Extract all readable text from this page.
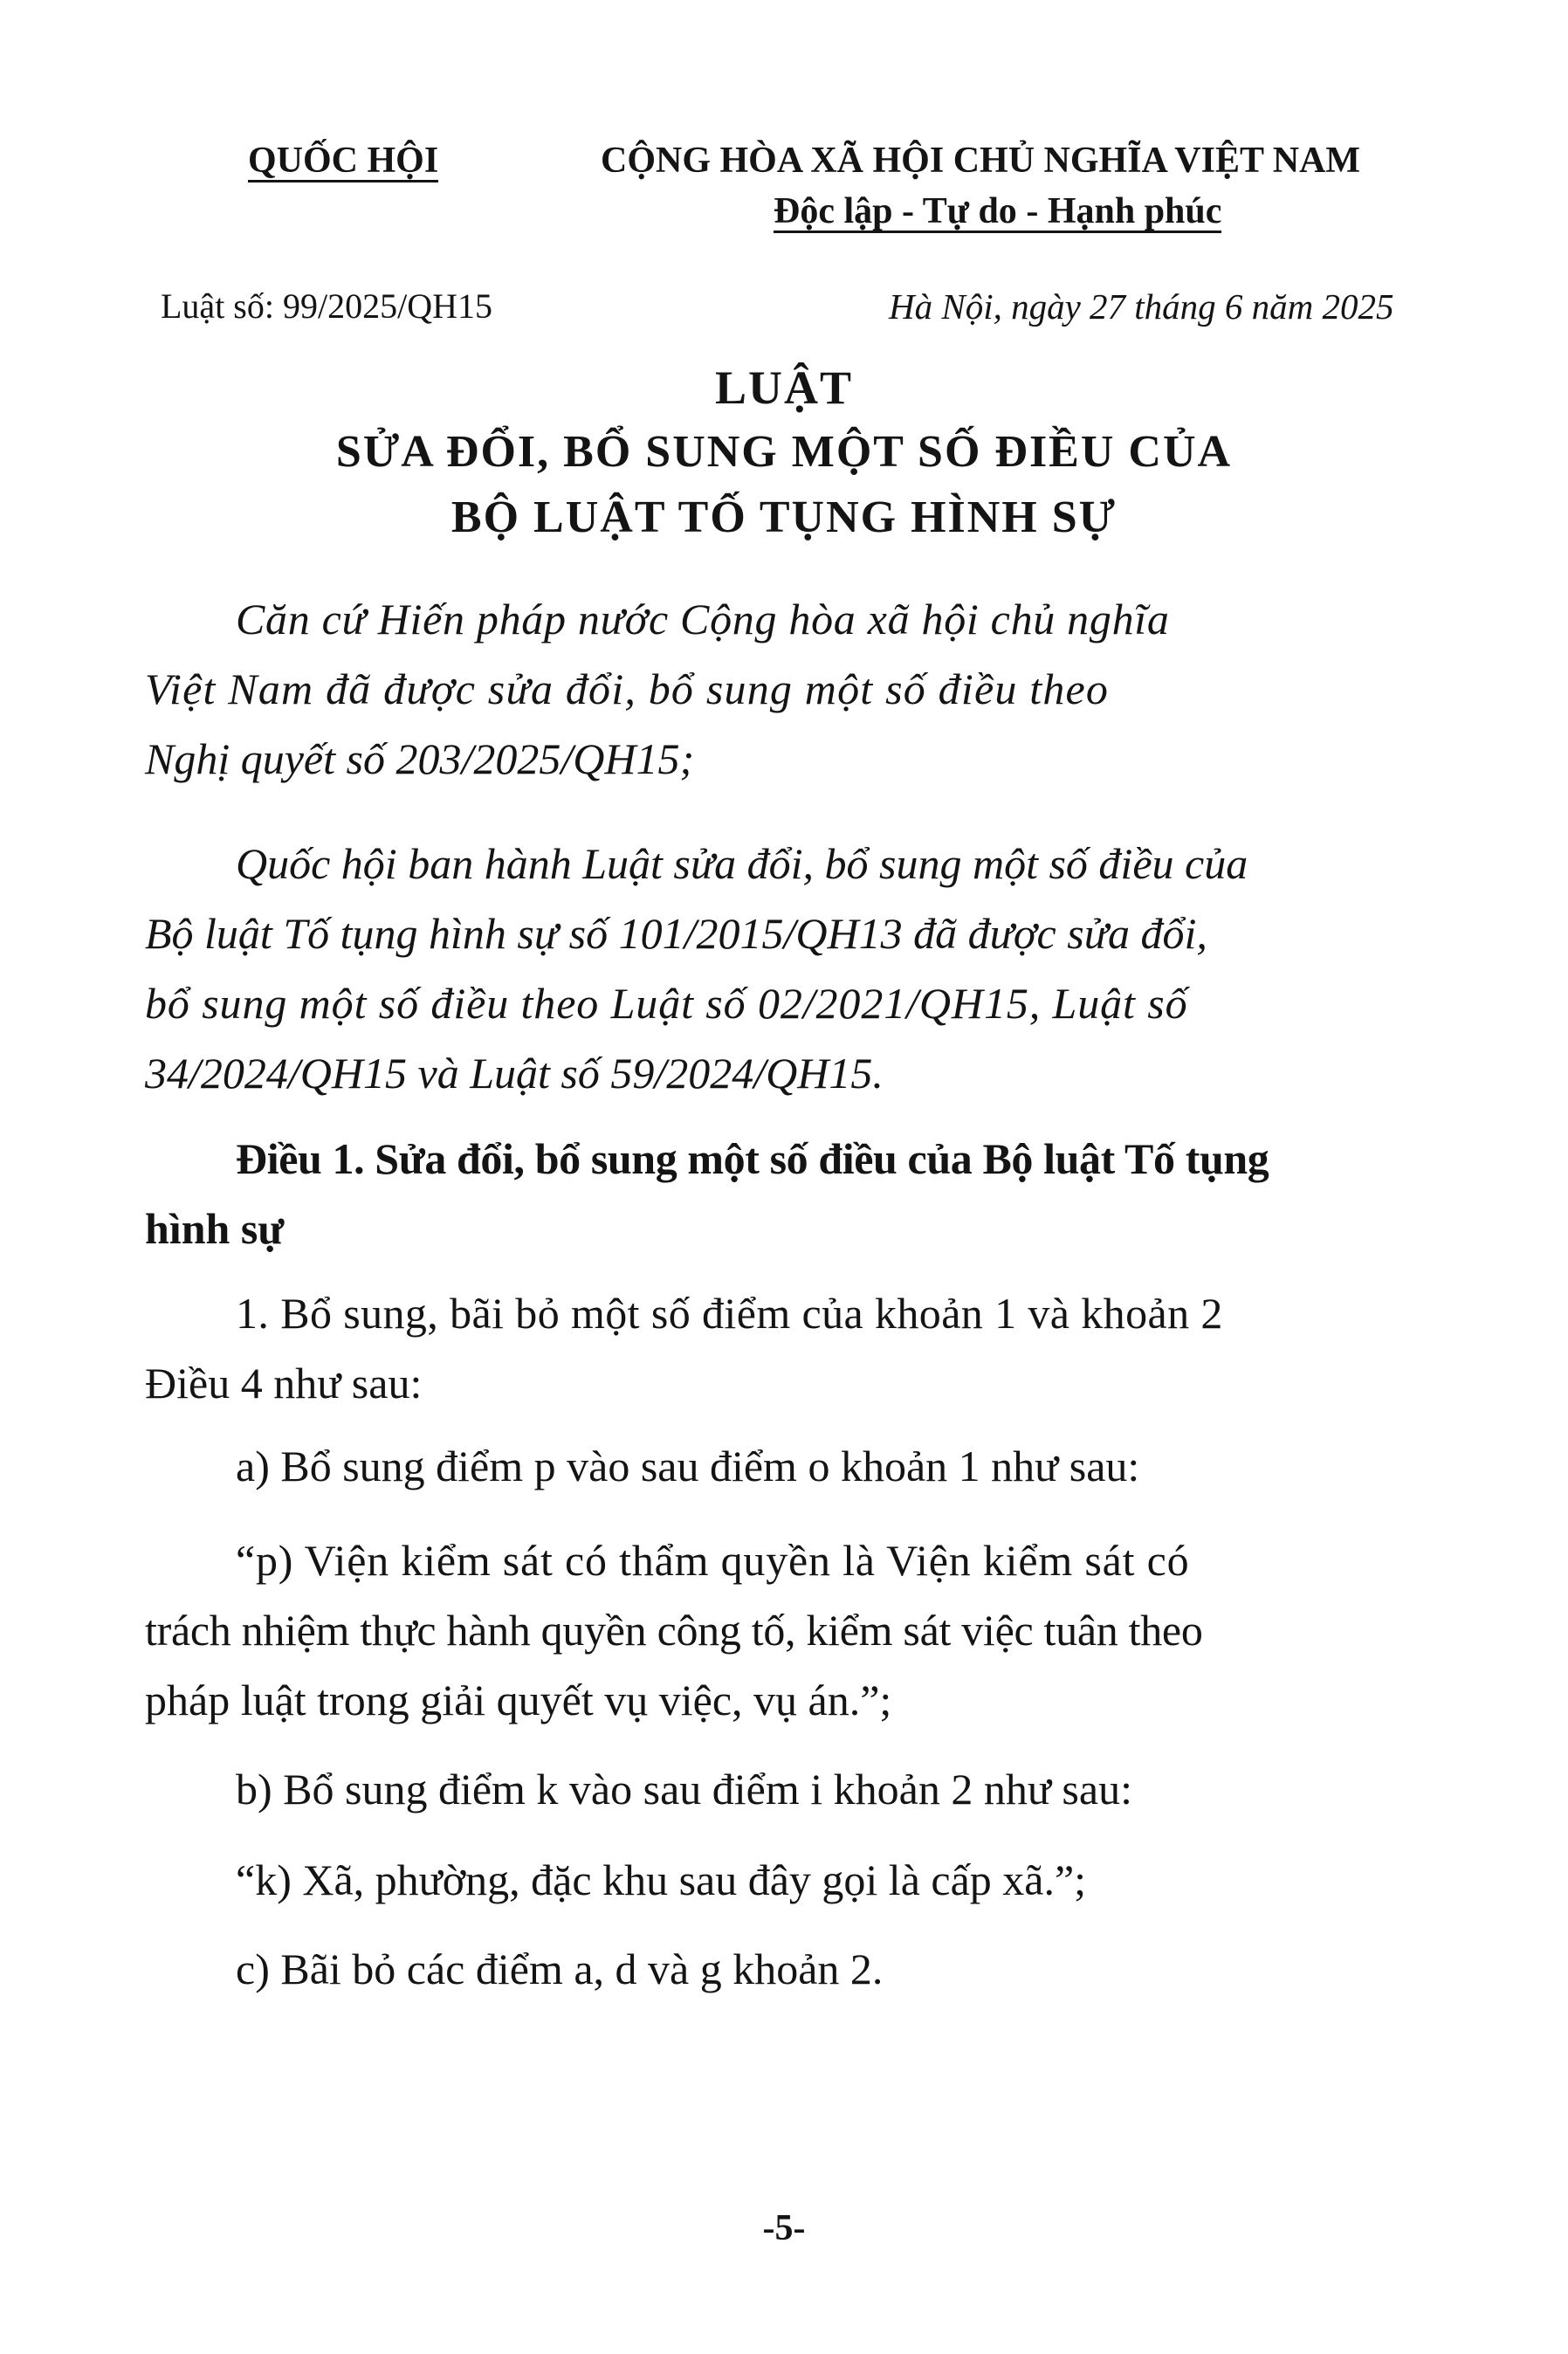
QUỐC HỘI	CỘNG HÒA XÃ HỘI CHỦ NGHĨA VIỆT NAM
Độc lập - Tự do - Hạnh phúc
Luật số: 99/2025/QH15	Hà Nội, ngày 27 tháng 6 năm 2025
LUẬT
SỬA ĐỔI, BỔ SUNG MỘT SỐ ĐIỀU CỦA
BỘ LUẬT TỐ TỤNG HÌNH SỰ
Căn cứ Hiến pháp nước Cộng hòa xã hội chủ nghĩa
Việt Nam đã được sửa đổi, bổ sung một số điều theo
Nghị quyết số 203/2025/QH15;
Quốc hội ban hành Luật sửa đổi, bổ sung một số điều của
Bộ luật Tố tụng hình sự số 101/2015/QH13 đã được sửa đổi,
bổ sung một số điều theo Luật số 02/2021/QH15, Luật số
34/2024/QH15 và Luật số 59/2024/QH15.
Điều 1. Sửa đổi, bổ sung một số điều của Bộ luật Tố tụng
hình sự
1. Bổ sung, bãi bỏ một số điểm của khoản 1 và khoản 2
Điều 4 như sau:
a) Bổ sung điểm p vào sau điểm o khoản 1 như sau:
“p) Viện kiểm sát có thẩm quyền là Viện kiểm sát có
trách nhiệm thực hành quyền công tố, kiểm sát việc tuân theo
pháp luật trong giải quyết vụ việc, vụ án.”;
b) Bổ sung điểm k vào sau điểm i khoản 2 như sau:
“k) Xã, phường, đặc khu sau đây gọi là cấp xã.”;
c) Bãi bỏ các điểm a, d và g khoản 2.
-5-
